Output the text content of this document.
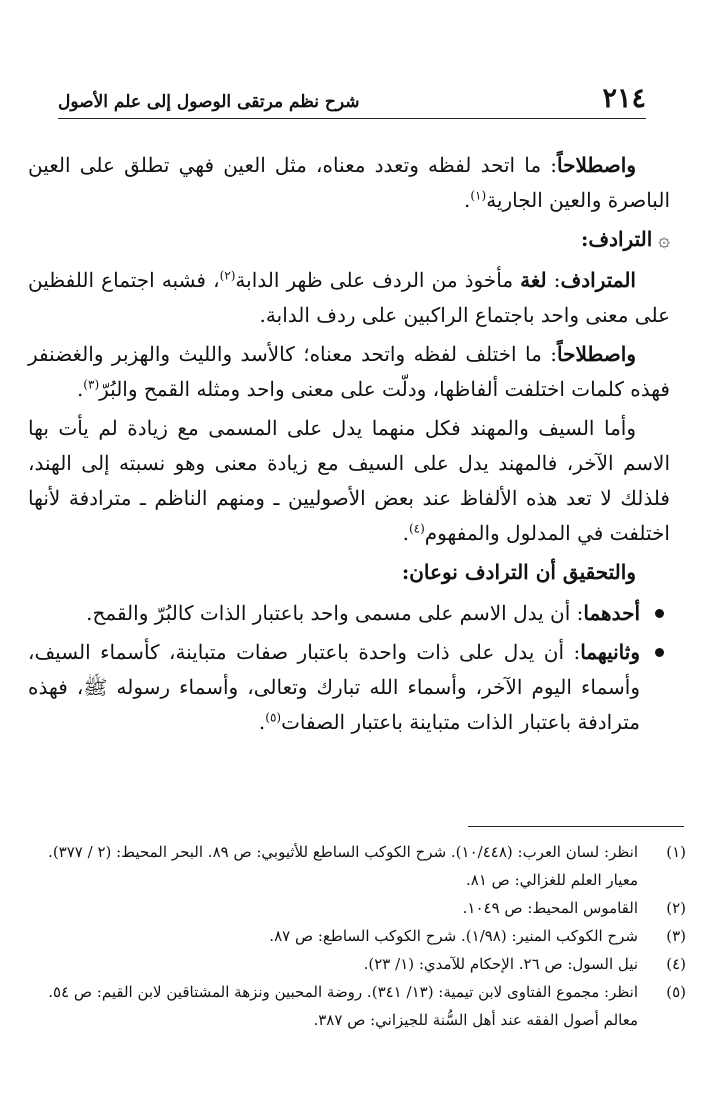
٢١٤
شرح نظم مرتقى الوصول إلى علم الأصول

واصطلاحاً: ما اتحد لفظه وتعدد معناه، مثل العين فهي تطلق على العين الباصرة والعين الجارية$^{(١)}$.

۞الترادف:

المترادف: لغة مأخوذ من الردف على ظهر الدابة$^{(٢)}$، فشبه اجتماع اللفظين على معنى واحد باجتماع الراكبين على ردف الدابة.

واصطلاحاً: ما اختلف لفظه واتحد معناه؛ كالأسد والليث والهزبر والغضنفر فهذه كلمات اختلفت ألفاظها، ودلّت على معنى واحد ومثله القمح والبُرّ$^{(٣)}$.

وأما السيف والمهند فكل منهما يدل على المسمى مع زيادة لم يأت بها الاسم الآخر، فالمهند يدل على السيف مع زيادة معنى وهو نسبته إلى الهند، فلذلك لا تعد هذه الألفاظ عند بعض الأصوليين ـ ومنهم الناظم ـ مترادفة لأنها اختلفت في المدلول والمفهوم$^{(٤)}$.

والتحقيق أن الترادف نوعان:
أحدهما: أن يدل الاسم على مسمى واحد باعتبار الذات كالبُرّ والقمح.
وثانيهما: أن يدل على ذات واحدة باعتبار صفات متباينة، كأسماء السيف، وأسماء اليوم الآخر، وأسماء الله تبارك وتعالى، وأسماء رسوله ﷺ، فهذه مترادفة باعتبار الذات متباينة باعتبار الصفات$^{(٥)}$.
(١)
انظر: لسان العرب: (١٠/٤٤٨). شرح الكوكب الساطع للأثيوبي: ص ٨٩. البحر المحيط: (٢ / ٣٧٧). معيار العلم للغزالي: ص ٨١.
(٢)
القاموس المحيط: ص ١٠٤٩.
(٣)
شرح الكوكب المنير: (١/٩٨). شرح الكوكب الساطع: ص ٨٧.
(٤)
نيل السول: ص ٢٦. الإحكام للآمدي: (١/ ٢٣).
(٥)
انظر: مجموع الفتاوى لابن تيمية: (١٣/ ٣٤١). روضة المحبين ونزهة المشتاقين لابن القيم: ص ٥٤. معالم أصول الفقه عند أهل السُّنة للجيزاني: ص ٣٨٧.
